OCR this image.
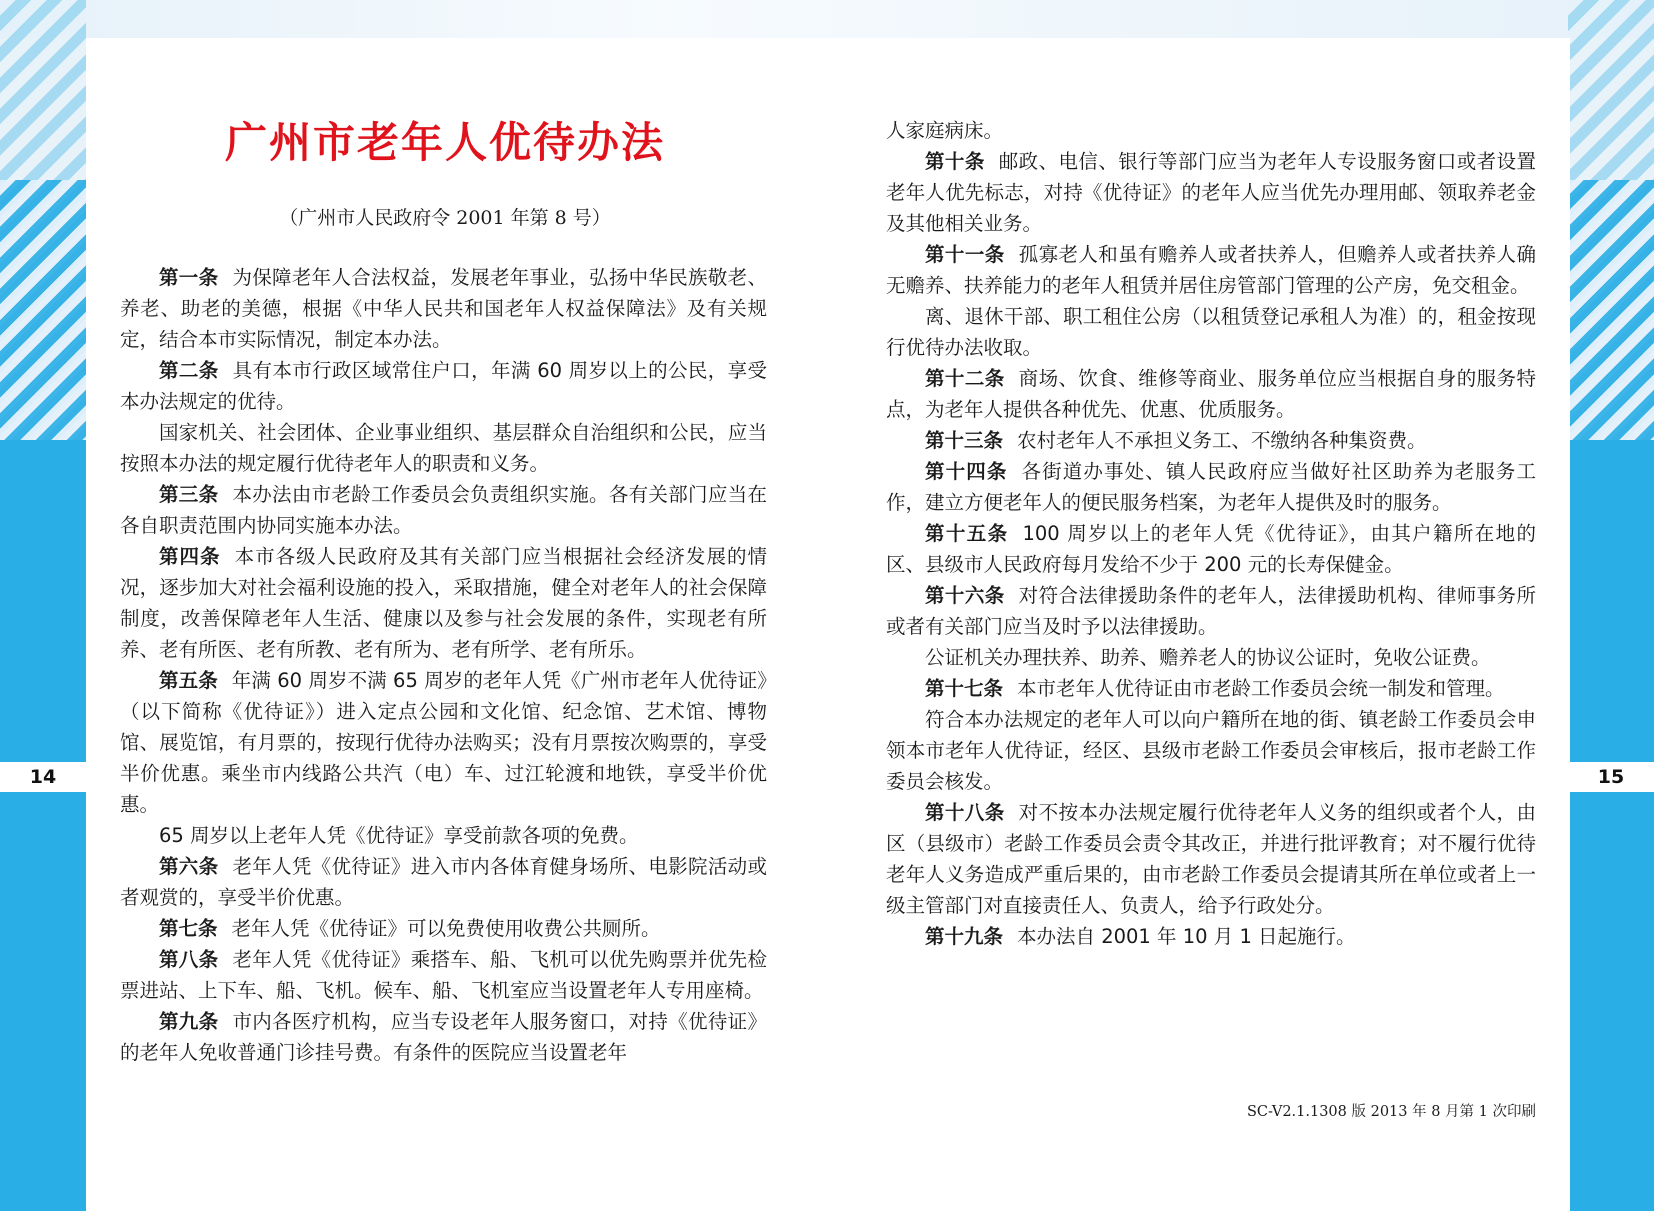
14	15
广州市老年人优待办法
（广州市人民政府令 2001 年第 8 号）

第一条 为保障老年人合法权益，发展老年事业，弘扬中华民族敬老、养老、助老的美德，根据《中华人民共和国老年人权益保障法》及有关规定，结合本市实际情况，制定本办法。

第二条 具有本市行政区域常住户口，年满 60 周岁以上的公民，享受本办法规定的优待。

国家机关、社会团体、企业事业组织、基层群众自治组织和公民，应当按照本办法的规定履行优待老年人的职责和义务。

第三条 本办法由市老龄工作委员会负责组织实施。各有关部门应当在各自职责范围内协同实施本办法。

第四条 本市各级人民政府及其有关部门应当根据社会经济发展的情况，逐步加大对社会福利设施的投入，采取措施，健全对老年人的社会保障制度，改善保障老年人生活、健康以及参与社会发展的条件，实现老有所养、老有所医、老有所教、老有所为、老有所学、老有所乐。

第五条 年满 60 周岁不满 65 周岁的老年人凭《广州市老年人优待证》（以下简称《优待证》）进入定点公园和文化馆、纪念馆、艺术馆、博物馆、展览馆，有月票的，按现行优待办法购买；没有月票按次购票的，享受半价优惠。乘坐市内线路公共汽（电）车、过江轮渡和地铁，享受半价优惠。

65 周岁以上老年人凭《优待证》享受前款各项的免费。

第六条 老年人凭《优待证》进入市内各体育健身场所、电影院活动或者观赏的，享受半价优惠。

第七条 老年人凭《优待证》可以免费使用收费公共厕所。

第八条 老年人凭《优待证》乘搭车、船、飞机可以优先购票并优先检票进站、上下车、船、飞机。候车、船、飞机室应当设置老年人专用座椅。

第九条 市内各医疗机构，应当专设老年人服务窗口，对持《优待证》的老年人免收普通门诊挂号费。有条件的医院应当设置老年

人家庭病床。

第十条 邮政、电信、银行等部门应当为老年人专设服务窗口或者设置老年人优先标志，对持《优待证》的老年人应当优先办理用邮、领取养老金及其他相关业务。

第十一条 孤寡老人和虽有赡养人或者扶养人，但赡养人或者扶养人确无赡养、扶养能力的老年人租赁并居住房管部门管理的公产房，免交租金。

离、退休干部、职工租住公房（以租赁登记承租人为准）的，租金按现行优待办法收取。

第十二条 商场、饮食、维修等商业、服务单位应当根据自身的服务特点，为老年人提供各种优先、优惠、优质服务。

第十三条 农村老年人不承担义务工、不缴纳各种集资费。

第十四条 各街道办事处、镇人民政府应当做好社区助养为老服务工作，建立方便老年人的便民服务档案，为老年人提供及时的服务。

第十五条 100 周岁以上的老年人凭《优待证》，由其户籍所在地的区、县级市人民政府每月发给不少于 200 元的长寿保健金。

第十六条 对符合法律援助条件的老年人，法律援助机构、律师事务所或者有关部门应当及时予以法律援助。

公证机关办理扶养、助养、赡养老人的协议公证时，免收公证费。

第十七条 本市老年人优待证由市老龄工作委员会统一制发和管理。

符合本办法规定的老年人可以向户籍所在地的街、镇老龄工作委员会申领本市老年人优待证，经区、县级市老龄工作委员会审核后，报市老龄工作委员会核发。

第十八条 对不按本办法规定履行优待老年人义务的组织或者个人，由区（县级市）老龄工作委员会责令其改正，并进行批评教育；对不履行优待老年人义务造成严重后果的，由市老龄工作委员会提请其所在单位或者上一级主管部门对直接责任人、负责人，给予行政处分。

第十九条 本办法自 2001 年 10 月 1 日起施行。

SC-V2.1.1308 版 2013 年 8 月第 1 次印刷
